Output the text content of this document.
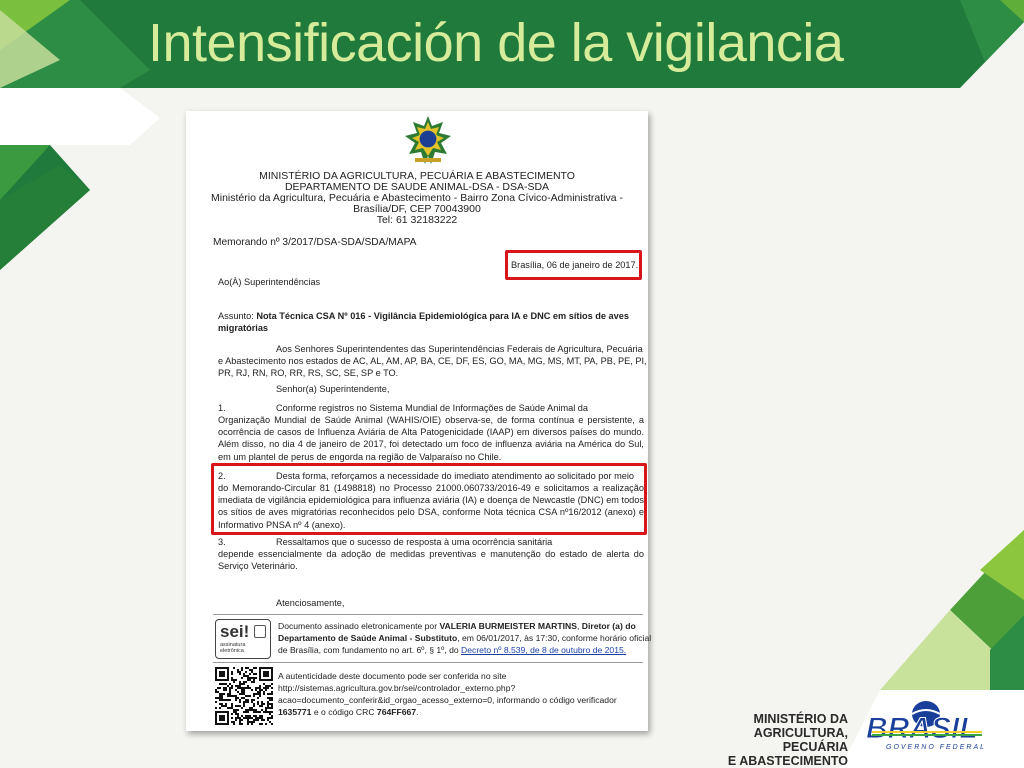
Intensificación de la vigilancia
MINISTÉRIO DA AGRICULTURA, PECUÁRIA E ABASTECIMENTO
DEPARTAMENTO DE SAUDE ANIMAL-DSA - DSA-SDA
Ministério da Agricultura, Pecuária e Abastecimento - Bairro Zona Cívico-Administrativa -
Brasília/DF, CEP 70043900
Tel: 61 32183222
Memorando nº 3/2017/DSA-SDA/SDA/MAPA
Brasília, 06 de janeiro de 2017.
Ao(À) Superintendências
Assunto: Nota Técnica CSA Nº 016 - Vigilância Epidemiológica para IA e DNC em sítios de aves
migratórias
Aos Senhores Superintendentes das Superintendências Federais de Agricultura, Pecuária
e Abastecimento nos estados de AC, AL, AM, AP, BA, CE, DF, ES, GO, MA, MG, MS, MT, PA, PB, PE, PI,
PR, RJ, RN, RO, RR, RS, SC, SE, SP e TO.
Senhor(a) Superintendente,
1.	Conforme registros no Sistema Mundial de Informações de Saúde Animal da
Organização Mundial de Saúde Animal (WAHIS/OIE) observa-se, de forma contínua e persistente, a ocorrência de casos de Influenza Aviária de Alta Patogenicidade (IAAP) em diversos países do mundo. Além disso, no dia 4 de janeiro de 2017, foi detectado um foco de influenza aviária na América do Sul, em um plantel de perus de engorda na região de Valparaíso no Chile.
2.	Desta forma, reforçamos a necessidade do imediato atendimento ao solicitado por meio
do Memorando-Circular 81 (1498818) no Processo 21000.060733/2016-49 e solicitamos a realização imediata de vigilância epidemiológica para influenza aviária (IA) e doença de Newcastle (DNC) em todos os sítios de aves migratórias reconhecidos pelo DSA, conforme Nota técnica CSA nº16/2012 (anexo) e Informativo PNSA nº 4 (anexo).
3.	Ressaltamos que o sucesso de resposta à uma ocorrência sanitária
depende essencialmente da adoção de medidas preventivas e manutenção do estado de alerta do Serviço Veterinário.
Atenciosamente,
sei!
assinatura
eletrônica
Documento assinado eletronicamente por VALERIA BURMEISTER MARTINS, Diretor (a) do
Departamento de Saúde Animal - Substituto, em 06/01/2017, às 17:30, conforme horário oficial
de Brasília, com fundamento no art. 6º, § 1º, do Decreto nº 8.539, de 8 de outubro de 2015.
A autenticidade deste documento pode ser conferida no site
http://sistemas.agricultura.gov.br/sei/controlador_externo.php?
acao=documento_conferir&id_orgao_acesso_externo=0, informando o código verificador
1635771 e o código CRC 764FF667.	MINISTÉRIO DA
AGRICULTURA, PECUÁRIA
E ABASTECIMENTO
BRASIL
GOVERNO FEDERAL
